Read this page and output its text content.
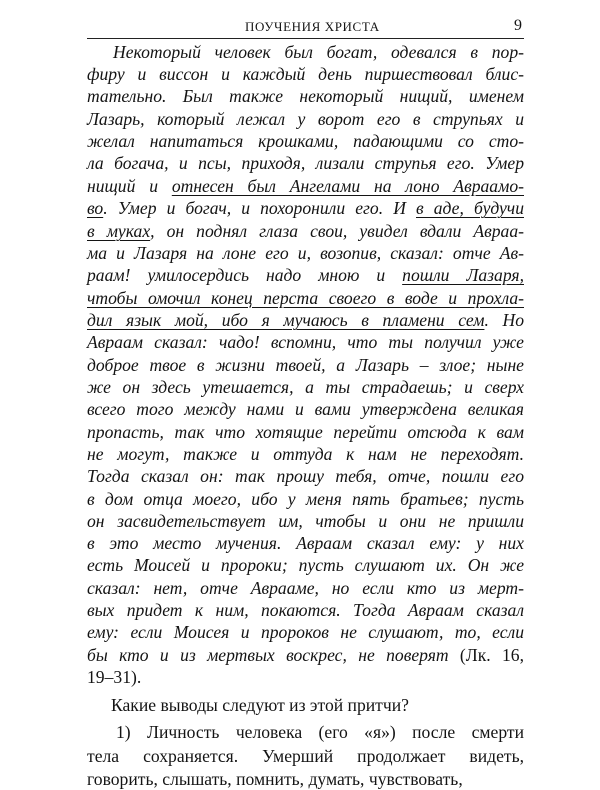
ПОУЧЕНИЯ ХРИСТА	9
Некоторый человек был богат, одевался в пор-
фиру и виссон и каждый день пиршествовал блис-
тательно. Был также некоторый нищий, именем
Лазарь, который лежал у ворот его в струпьях и
желал напитаться крошками, падающими со сто-
ла богача, и псы, приходя, лизали струпья его. Умер
нищий и отнесен был Ангелами на лоно Авраамо-
во. Умер и богач, и похоронили его. И в аде, будучи
в муках, он поднял глаза свои, увидел вдали Авраа-
ма и Лазаря на лоне его и, возопив, сказал: отче Ав-
раам! умилосердись надо мною и пошли Лазаря,
чтобы омочил конец перста своего в воде и прохла-
дил язык мой, ибо я мучаюсь в пламени сем. Но
Авраам сказал: чадо! вспомни, что ты получил уже
доброе твое в жизни твоей, а Лазарь – злое; ныне
же он здесь утешается, а ты страдаешь; и сверх
всего того между нами и вами утверждена великая
пропасть, так что хотящие перейти отсюда к вам
не могут, также и оттуда к нам не переходят.
Тогда сказал он: так прошу тебя, отче, пошли его
в дом отца моего, ибо у меня пять братьев; пусть
он засвидетельствует им, чтобы и они не пришли
в это место мучения. Авраам сказал ему: у них
есть Моисей и пророки; пусть слушают их. Он же
сказал: нет, отче Аврааме, но если кто из мерт-
вых придет к ним, покаются. Тогда Авраам сказал
ему: если Моисея и пророков не слушают, то, если
бы кто и из мертвых воскрес, не поверят (Лк. 16,
19–31).
Какие выводы следуют из этой притчи?
1) Личность человека (его «я») после смерти
тела сохраняется. Умерший продолжает видеть,
говорить, слышать, помнить, думать, чувствовать,
